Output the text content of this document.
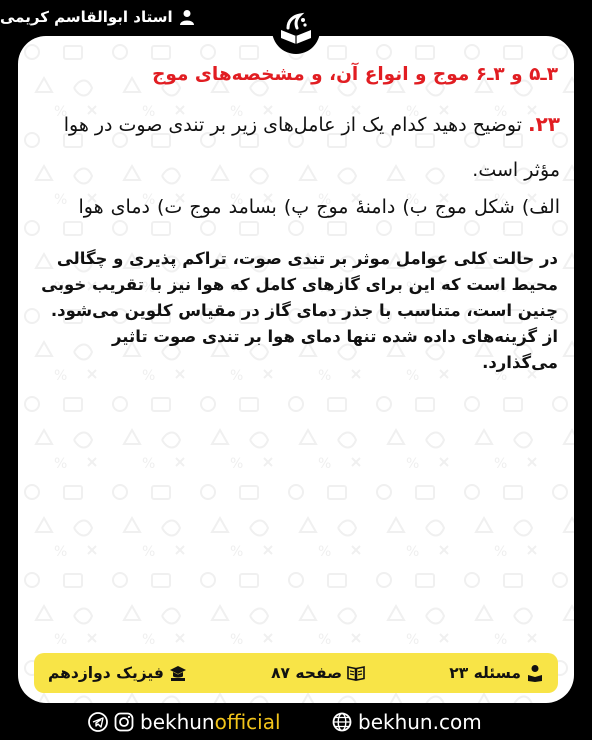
استاد ابوالقاسم کریمی
۳ـ۵ و ۳ـ۶ موج و انواع آن، و مشخصه‌های موج
۲۳. توضیح دهید کدام یک از عامل‌های زیر بر تندی صوت در هوا مؤثر است.
الف) شکل موج ب) دامنهٔ موج پ) بسامد موج ت) دمای هوا
در حالت کلی عوامل موثر بر تندی صوت، تراکم پذیری و چگالی محیط است که این برای گازهای کامل که هوا نیز با تقریب خوبی چنین است، متناسب با جذر دمای گاز در مقیاس کلوین می‌شود. از گزینه‌های داده شده تنها دمای هوا بر تندی صوت تاثیر می‌گذارد.
مسئله ۲۳
صفحه ۸۷
فیزیک دوازدهم
bekhun official	bekhun.com
